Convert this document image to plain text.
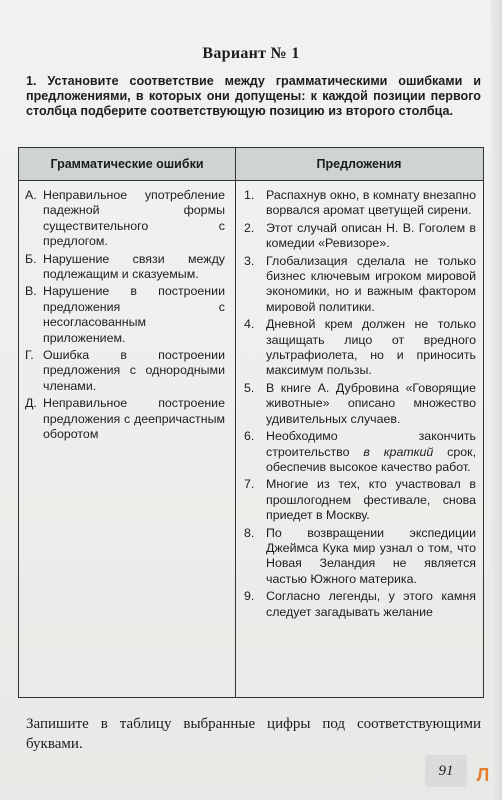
Вариант № 1
1. Установите соответствие между грамматическими ошибками и предложениями, в которых они допущены: к каждой позиции первого столбца подберите соответствующую позицию из второго столбца.
Грамматические ошибки	Предложения
А. Неправильное употребление падежной формы существительного с предлогом.
Б. Нарушение связи между подлежащим и сказуемым.
В. Нарушение в построении предложения с несогласованным приложением.
Г. Ошибка в построении предложения с однородными членами.
Д. Неправильное построение предложения с деепричастным оборотом
1. Распахнув окно, в комнату внезапно ворвался аромат цветущей сирени.
2. Этот случай описан Н. В. Гоголем в комедии «Ревизоре».
3. Глобализация сделала не только бизнес ключевым игроком мировой экономики, но и важным фактором мировой политики.
4. Дневной крем должен не только защищать лицо от вредного ультрафиолета, но и приносить максимум пользы.
5. В книге А. Дубровина «Говорящие животные» описано множество удивительных случаев.
6. Необходимо закончить строительство в краткий срок, обеспечив высокое качество работ.
7. Многие из тех, кто участвовал в прошлогоднем фестивале, снова приедет в Москву.
8. По возвращении экспедиции Джеймса Кука мир узнал о том, что Новая Зеландия не является частью Южного материка.
9. Согласно легенды, у этого камня следует загадывать желание
Запишите в таблицу выбранные цифры под соответствующими буквами.
91	Л
